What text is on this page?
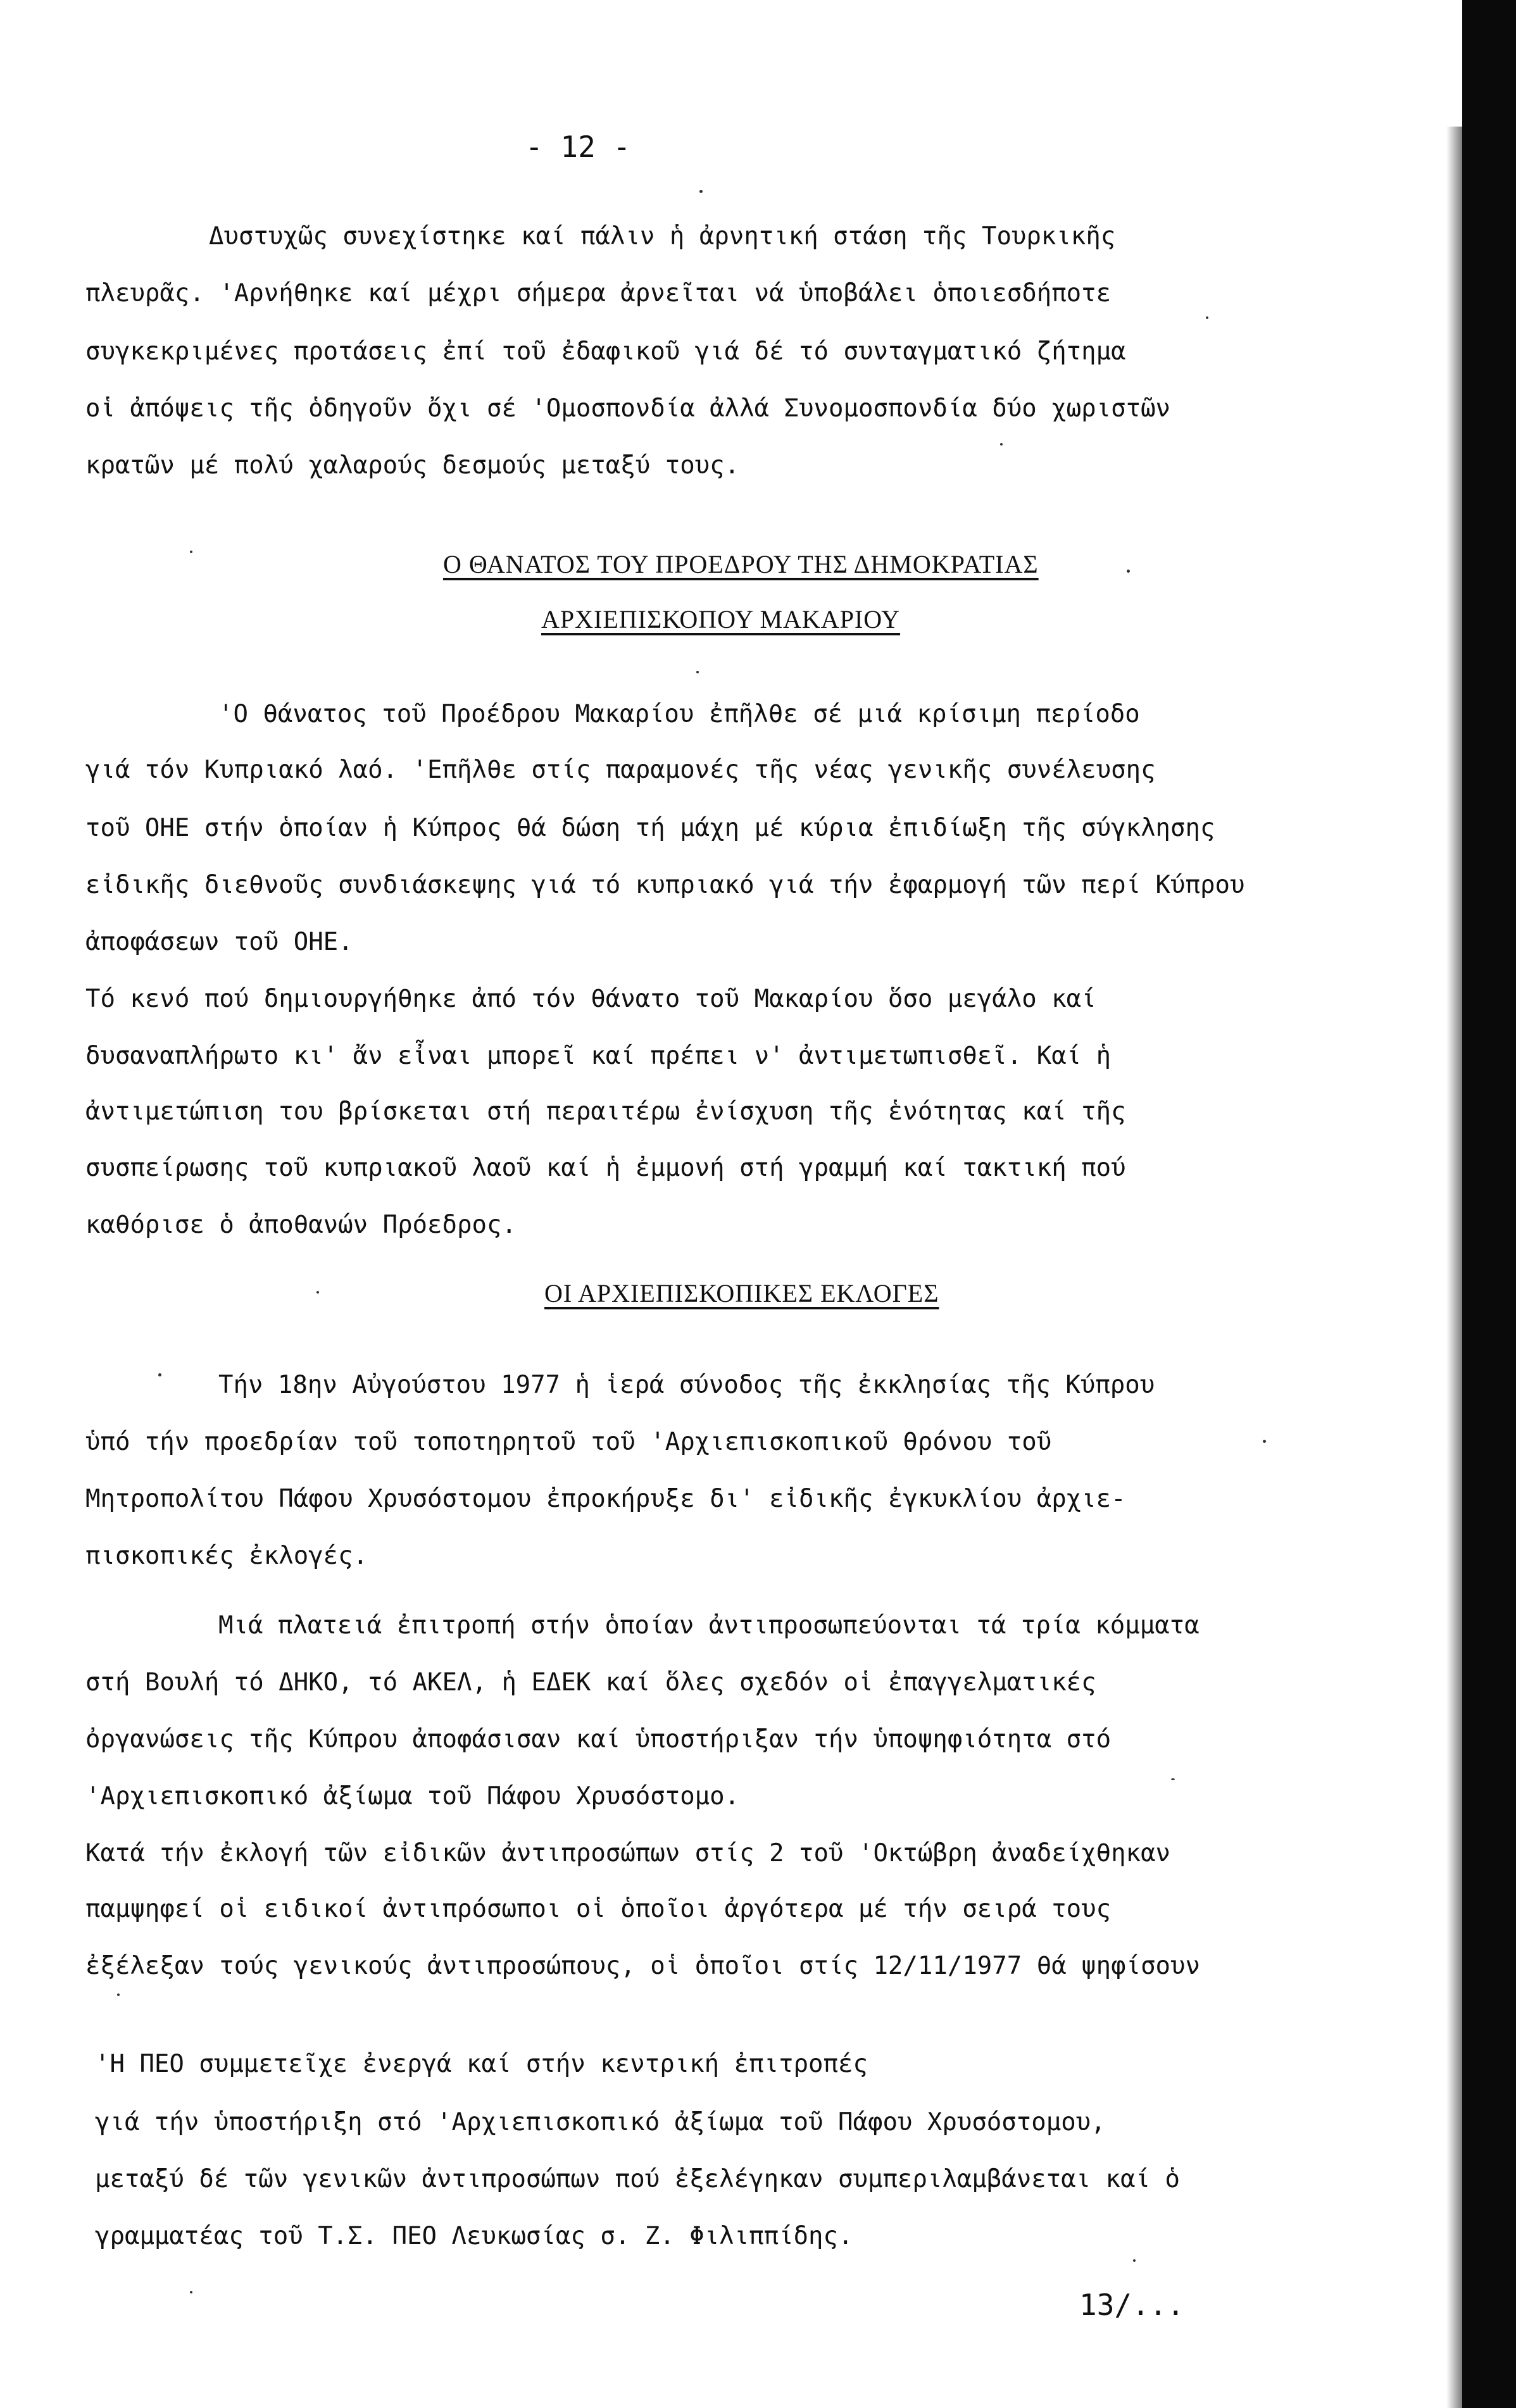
- 12 -
Δυστυχῶς συνεχίστηκε καί πάλιν ἡ ἀρνητική στάση τῆς Τουρκικῆς
πλευρᾶς. 'Αρνήθηκε καί μέχρι σήμερα ἀρνεῖται νά ὑποβάλει ὁποιεσδήποτε
συγκεκριμένες προτάσεις ἐπί τοῦ ἐδαφικοῦ γιά δέ τό συνταγματικό ζήτημα
οἱ ἀπόψεις τῆς ὁδηγοῦν ὄχι σέ 'Ομοσπονδία ἀλλά Συνομοσπονδία δύο χωριστῶν
κρατῶν μέ πολύ χαλαρούς δεσμούς μεταξύ τους.
Ο ΘΑΝΑΤΟΣ ΤΟΥ ΠΡΟΕΔΡΟΥ ΤΗΣ ΔΗΜΟΚΡΑΤΙΑΣ
ΑΡΧΙΕΠΙΣΚΟΠΟΥ ΜΑΚΑΡΙΟΥ
'Ο θάνατος τοῦ Προέδρου Μακαρίου ἐπῆλθε σέ μιά κρίσιμη περίοδο
γιά τόν Κυπριακό λαό. 'Επῆλθε στίς παραμονές τῆς νέας γενικῆς συνέλευσης
τοῦ ΟΗΕ στήν ὁποίαν ἡ Κύπρος θά δώση τή μάχη μέ κύρια ἐπιδίωξη τῆς σύγκλησης
εἰδικῆς διεθνοῦς συνδιάσκεψης γιά τό κυπριακό γιά τήν ἐφαρμογή τῶν περί Κύπρου
ἀποφάσεων τοῦ ΟΗΕ.
Τό κενό πού δημιουργήθηκε ἀπό τόν θάνατο τοῦ Μακαρίου ὅσο μεγάλο καί
δυσαναπλήρωτο κι' ἄν εἶναι μπορεῖ καί πρέπει ν' ἀντιμετωπισθεῖ. Καί ἡ
ἀντιμετώπιση του βρίσκεται στή περαιτέρω ἐνίσχυση τῆς ἑνότητας καί τῆς
συσπείρωσης τοῦ κυπριακοῦ λαοῦ καί ἡ ἐμμονή στή γραμμή καί τακτική πού
καθόρισε ὁ ἀποθανών Πρόεδρος.
ΟΙ ΑΡΧΙΕΠΙΣΚΟΠΙΚΕΣ ΕΚΛΟΓΕΣ
Τήν 18ην Αὐγούστου 1977 ἡ ἱερά σύνοδος τῆς ἐκκλησίας τῆς Κύπρου
ὑπό τήν προεδρίαν τοῦ τοποτηρητοῦ τοῦ 'Αρχιεπισκοπικοῦ θρόνου τοῦ
Μητροπολίτου Πάφου Χρυσόστομου ἐπροκήρυξε δι' εἰδικῆς ἐγκυκλίου ἀρχιε-
πισκοπικές ἐκλογές.
Μιά πλατειά ἐπιτροπή στήν ὁποίαν ἀντιπροσωπεύονται τά τρία κόμματα
στή Βουλή τό ΔΗΚΟ, τό ΑΚΕΛ, ἡ ΕΔΕΚ καί ὅλες σχεδόν οἱ ἐπαγγελματικές
ὀργανώσεις τῆς Κύπρου ἀποφάσισαν καί ὑποστήριξαν τήν ὑποψηφιότητα στό
'Αρχιεπισκοπικό ἀξίωμα τοῦ Πάφου Χρυσόστομο.
Κατά τήν ἐκλογή τῶν εἰδικῶν ἀντιπροσώπων στίς 2 τοῦ 'Οκτώβρη ἀναδείχθηκαν
παμψηφεί οἱ ειδικοί ἀντιπρόσωποι οἱ ὁποῖοι ἀργότερα μέ τήν σειρά τους
ἐξέλεξαν τούς γενικούς ἀντιπροσώπους, οἱ ὁποῖοι στίς 12/11/1977 θά ψηφίσουν
'Η ΠΕΟ συμμετεῖχε ἐνεργά καί στήν κεντρική ἐπιτροπές
γιά τήν ὑποστήριξη στό 'Αρχιεπισκοπικό ἀξίωμα τοῦ Πάφου Χρυσόστομου,
μεταξύ δέ τῶν γενικῶν ἀντιπροσώπων πού ἐξελέγηκαν συμπεριλαμβάνεται καί ὁ
γραμματέας τοῦ Τ.Σ. ΠΕΟ Λευκωσίας σ. Ζ. Φιλιππίδης.
13/...
